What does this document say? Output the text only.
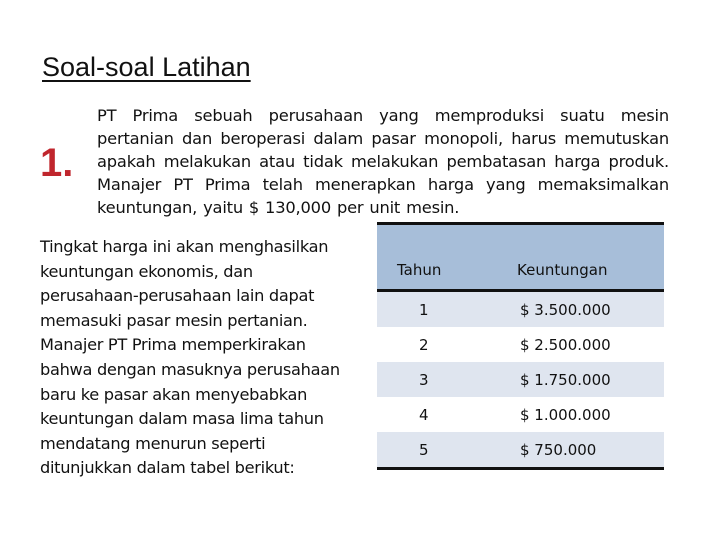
Soal-soal Latihan
1.
PT Prima sebuah perusahaan yang memproduksi suatu mesin pertanian dan beroperasi dalam pasar monopoli, harus memutuskan apakah melakukan atau tidak melakukan pembatasan harga produk. Manajer PT Prima telah menerapkan harga yang memaksimalkan keuntungan, yaitu $ 130,000 per unit mesin.
Tingkat harga ini akan menghasilkan keuntungan ekonomis, dan perusahaan-perusahaan lain dapat memasuki pasar mesin pertanian. Manajer PT Prima memperkirakan bahwa dengan masuknya perusahaan baru ke pasar akan menyebabkan keuntungan dalam masa lima tahun mendatang menurun seperti ditunjukkan dalam tabel berikut:
Tahun	Keuntungan
1	$ 3.500.000
2	$ 2.500.000
3	$ 1.750.000
4	$ 1.000.000
5	$ 750.000
